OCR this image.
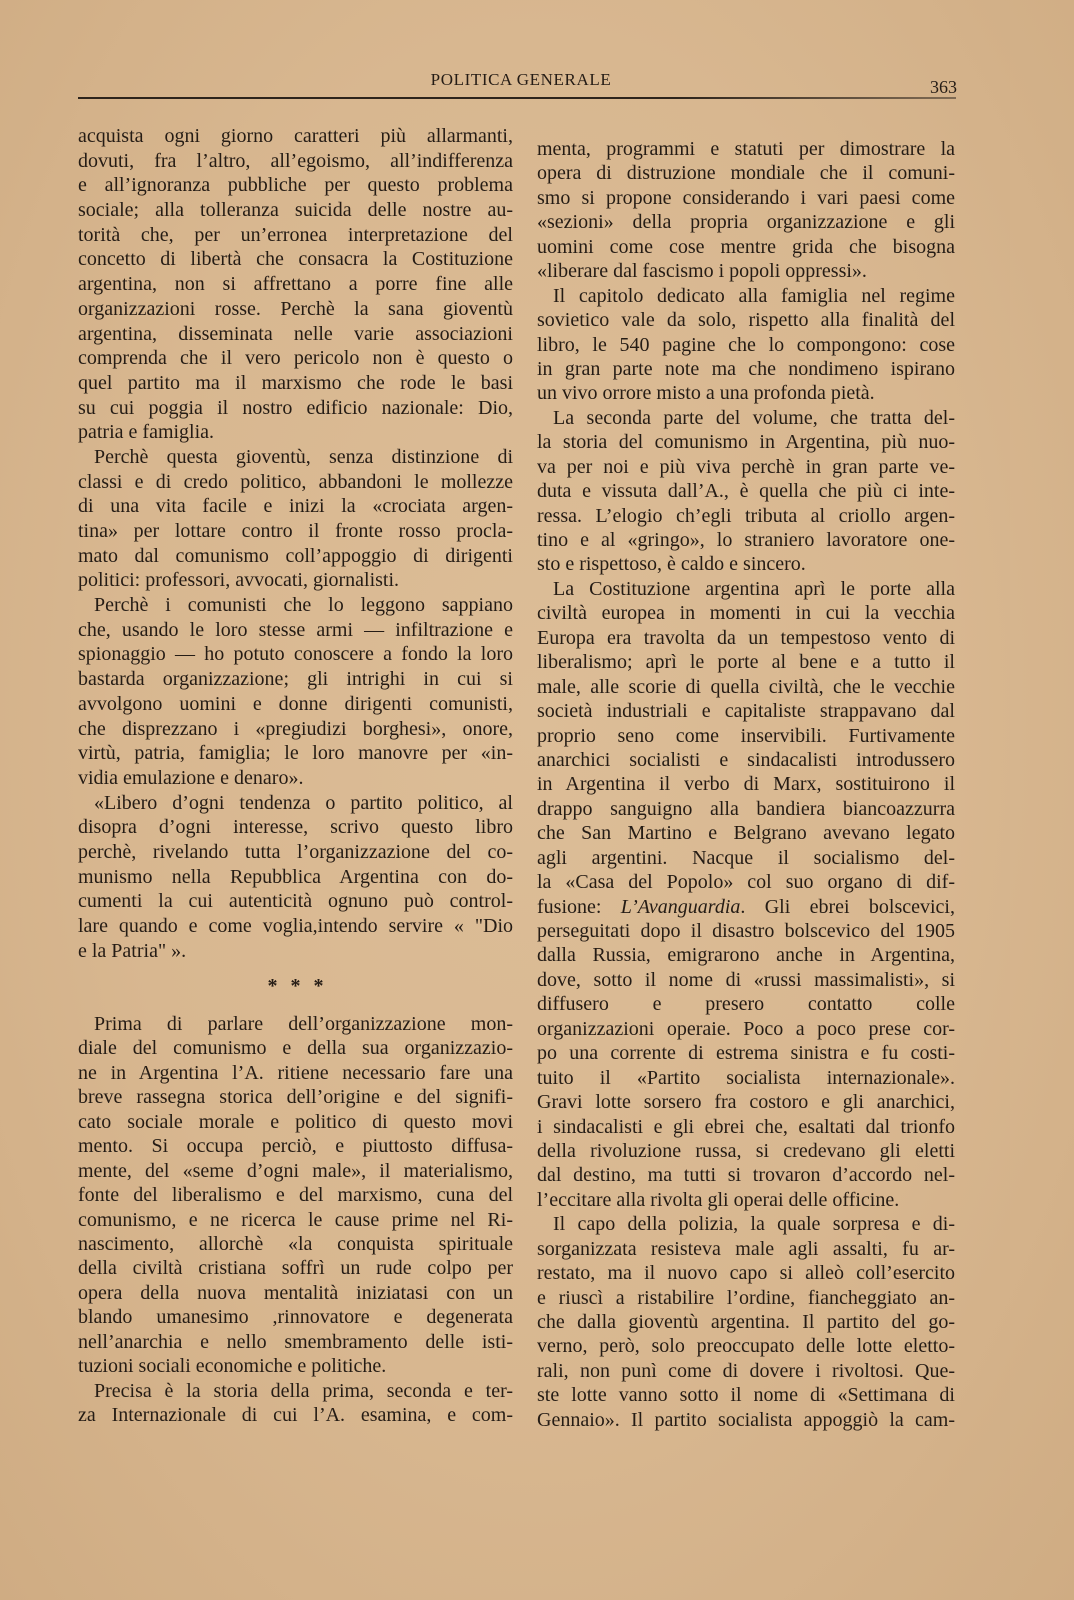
POLITICA GENERALE	363
acquista ogni giorno caratteri più allarmanti,
dovuti, fra l’altro, all’egoismo, all’indifferenza
e all’ignoranza pubbliche per questo problema
sociale; alla tolleranza suicida delle nostre au-
torità che, per un’erronea interpretazione del
concetto di libertà che consacra la Costituzione
argentina, non si affrettano a porre fine alle
organizzazioni rosse. Perchè la sana gioventù
argentina, disseminata nelle varie associazioni
comprenda che il vero pericolo non è questo o
quel partito ma il marxismo che rode le basi
su cui poggia il nostro edificio nazionale: Dio,
patria e famiglia.
Perchè questa gioventù, senza distinzione di
classi e di credo politico, abbandoni le mollezze
di una vita facile e inizi la «crociata argen-
tina» per lottare contro il fronte rosso procla-
mato dal comunismo coll’appoggio di dirigenti
politici: professori, avvocati, giornalisti.
Perchè i comunisti che lo leggono sappiano
che, usando le loro stesse armi — infiltrazione e
spionaggio — ho potuto conoscere a fondo la loro
bastarda organizzazione; gli intrighi in cui si
avvolgono uomini e donne dirigenti comunisti,
che disprezzano i «pregiudizi borghesi», onore,
virtù, patria, famiglia; le loro manovre per «in-
vidia emulazione e denaro».
«Libero d’ogni tendenza o partito politico, al
disopra d’ogni interesse, scrivo questo libro
perchè, rivelando tutta l’organizzazione del co-
munismo nella Repubblica Argentina con do-
cumenti la cui autenticità ognuno può control-
lare quando e come voglia,intendo servire « "Dio
e la Patria" ».
* * *
Prima di parlare dell’organizzazione mon-
diale del comunismo e della sua organizzazio-
ne in Argentina l’A. ritiene necessario fare una
breve rassegna storica dell’origine e del signifi-
cato sociale morale e politico di questo movi
mento. Si occupa perciò, e piuttosto diffusa-
mente, del «seme d’ogni male», il materialismo,
fonte del liberalismo e del marxismo, cuna del
comunismo, e ne ricerca le cause prime nel Ri-
nascimento, allorchè «la conquista spirituale
della civiltà cristiana soffrì un rude colpo per
opera della nuova mentalità iniziatasi con un
blando umanesimo ,rinnovatore e degenerata
nell’anarchia e nello smembramento delle isti-
tuzioni sociali economiche e politiche.
Precisa è la storia della prima, seconda e ter-
za Internazionale di cui l’A. esamina, e com-
menta, programmi e statuti per dimostrare la
opera di distruzione mondiale che il comuni-
smo si propone considerando i vari paesi come
«sezioni» della propria organizzazione e gli
uomini come cose mentre grida che bisogna
«liberare dal fascismo i popoli oppressi».
Il capitolo dedicato alla famiglia nel regime
sovietico vale da solo, rispetto alla finalità del
libro, le 540 pagine che lo compongono: cose
in gran parte note ma che nondimeno ispirano
un vivo orrore misto a una profonda pietà.
La seconda parte del volume, che tratta del-
la storia del comunismo in Argentina, più nuo-
va per noi e più viva perchè in gran parte ve-
duta e vissuta dall’A., è quella che più ci inte-
ressa. L’elogio ch’egli tributa al criollo argen-
tino e al «gringo», lo straniero lavoratore one-
sto e rispettoso, è caldo e sincero.
La Costituzione argentina aprì le porte alla
civiltà europea in momenti in cui la vecchia
Europa era travolta da un tempestoso vento di
liberalismo; aprì le porte al bene e a tutto il
male, alle scorie di quella civiltà, che le vecchie
società industriali e capitaliste strappavano dal
proprio seno come inservibili. Furtivamente
anarchici socialisti e sindacalisti introdussero
in Argentina il verbo di Marx, sostituirono il
drappo sanguigno alla bandiera biancoazzurra
che San Martino e Belgrano avevano legato
agli argentini. Nacque il socialismo del-
la «Casa del Popolo» col suo organo di dif-
fusione: L’Avanguardia. Gli ebrei bolscevici,
perseguitati dopo il disastro bolscevico del 1905
dalla Russia, emigrarono anche in Argentina,
dove, sotto il nome di «russi massimalisti», si
diffusero e presero contatto colle
organizzazioni operaie. Poco a poco prese cor-
po una corrente di estrema sinistra e fu costi-
tuito il «Partito socialista internazionale».
Gravi lotte sorsero fra costoro e gli anarchici,
i sindacalisti e gli ebrei che, esaltati dal trionfo
della rivoluzione russa, si credevano gli eletti
dal destino, ma tutti si trovaron d’accordo nel-
l’eccitare alla rivolta gli operai delle officine.
Il capo della polizia, la quale sorpresa e di-
sorganizzata resisteva male agli assalti, fu ar-
restato, ma il nuovo capo si alleò coll’esercito
e riuscì a ristabilire l’ordine, fiancheggiato an-
che dalla gioventù argentina. Il partito del go-
verno, però, solo preoccupato delle lotte eletto-
rali, non punì come di dovere i rivoltosi. Que-
ste lotte vanno sotto il nome di «Settimana di
Gennaio». Il partito socialista appoggiò la cam-
